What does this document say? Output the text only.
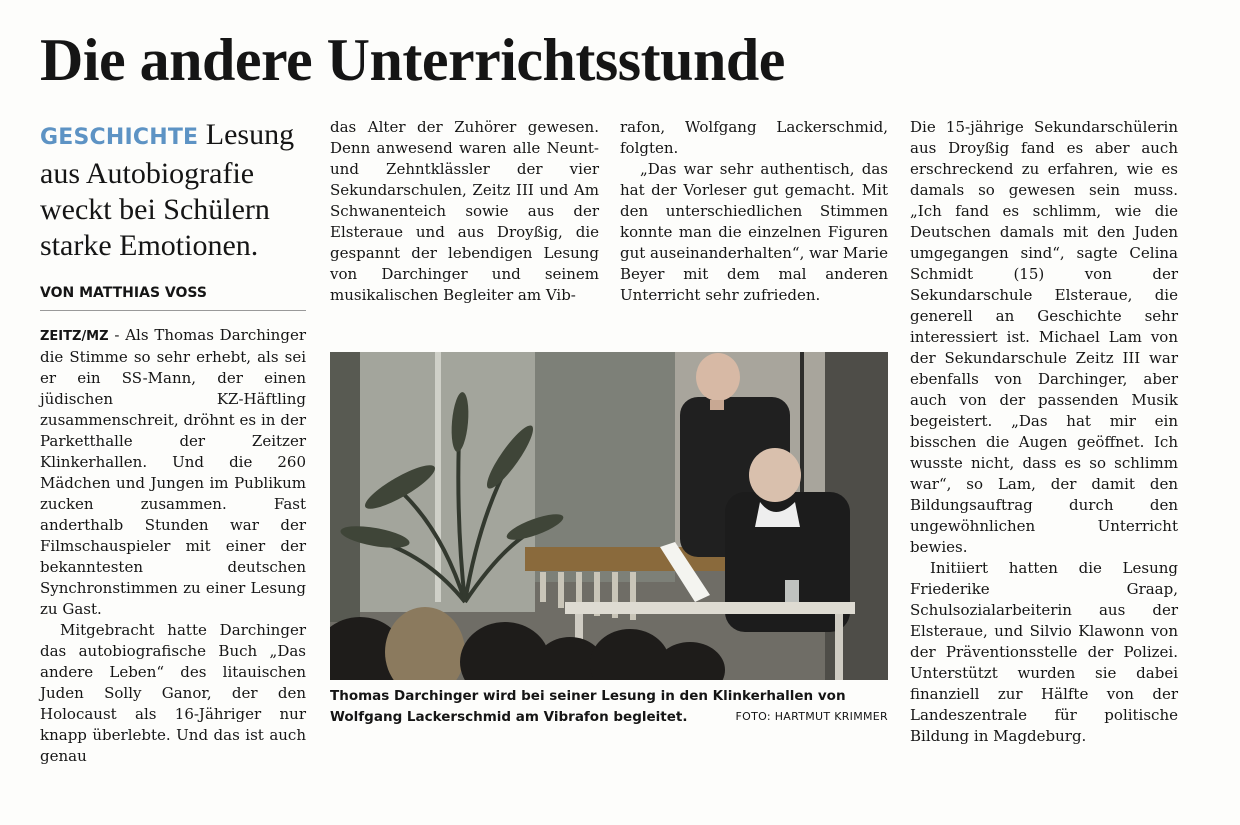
Die andere Unterrichtsstunde
GESCHICHTE Lesung aus Autobiografie weckt bei Schülern starke Emotionen.

VON MATTHIAS VOSS

ZEITZ/MZ - Als Thomas Darchinger die Stimme so sehr erhebt, als sei er ein SS-Mann, der einen jüdischen KZ-Häftling zusammenschreit, dröhnt es in der Parketthalle der Zeitzer Klinkerhallen. Und die 260 Mädchen und Jungen im Publikum zucken zusammen. Fast anderthalb Stunden war der Filmschauspieler mit einer der bekanntesten deutschen Synchronstimmen zu einer Lesung zu Gast.

Mitgebracht hatte Darchinger das autobiografische Buch „Das andere Leben“ des litauischen Juden Solly Ganor, der den Holocaust als 16-Jähriger nur knapp überlebte. Und das ist auch genau

das Alter der Zuhörer gewesen. Denn anwesend waren alle Neunt- und Zehntklässler der vier Sekundarschulen, Zeitz III und Am Schwanenteich sowie aus der Elsteraue und aus Droyßig, die gespannt der lebendigen Lesung von Darchinger und seinem musikalischen Begleiter am Vib-

rafon, Wolfgang Lackerschmid, folgten.

„Das war sehr authentisch, das hat der Vorleser gut gemacht. Mit den unterschiedlichen Stimmen konnte man die einzelnen Figuren gut auseinanderhalten“, war Marie Beyer mit dem mal anderen Unterricht sehr zufrieden.

Die 15-jährige Sekundarschülerin aus Droyßig fand es aber auch erschreckend zu erfahren, wie es damals so gewesen sein muss. „Ich fand es schlimm, wie die Deutschen damals mit den Juden umgegangen sind“, sagte Celina Schmidt (15) von der Sekundarschule Elsteraue, die generell an Geschichte sehr interessiert ist. Michael Lam von der Sekundarschule Zeitz III war ebenfalls von Darchinger, aber auch von der passenden Musik begeistert. „Das hat mir ein bisschen die Augen geöffnet. Ich wusste nicht, dass es so schlimm war“, so Lam, der damit den Bildungsauftrag durch den ungewöhnlichen Unterricht bewies.

Initiiert hatten die Lesung Friederike Graap, Schulsozialarbeiterin aus der Elsteraue, und Silvio Klawonn von der Präventionsstelle der Polizei. Unterstützt wurden sie dabei finanziell zur Hälfte von der Landeszentrale für politische Bildung in Magdeburg.

Thomas Darchinger wird bei seiner Lesung in den Klinkerhallen von Wolfgang Lackerschmid am Vibrafon begleitet.	FOTO: HARTMUT KRIMMER
